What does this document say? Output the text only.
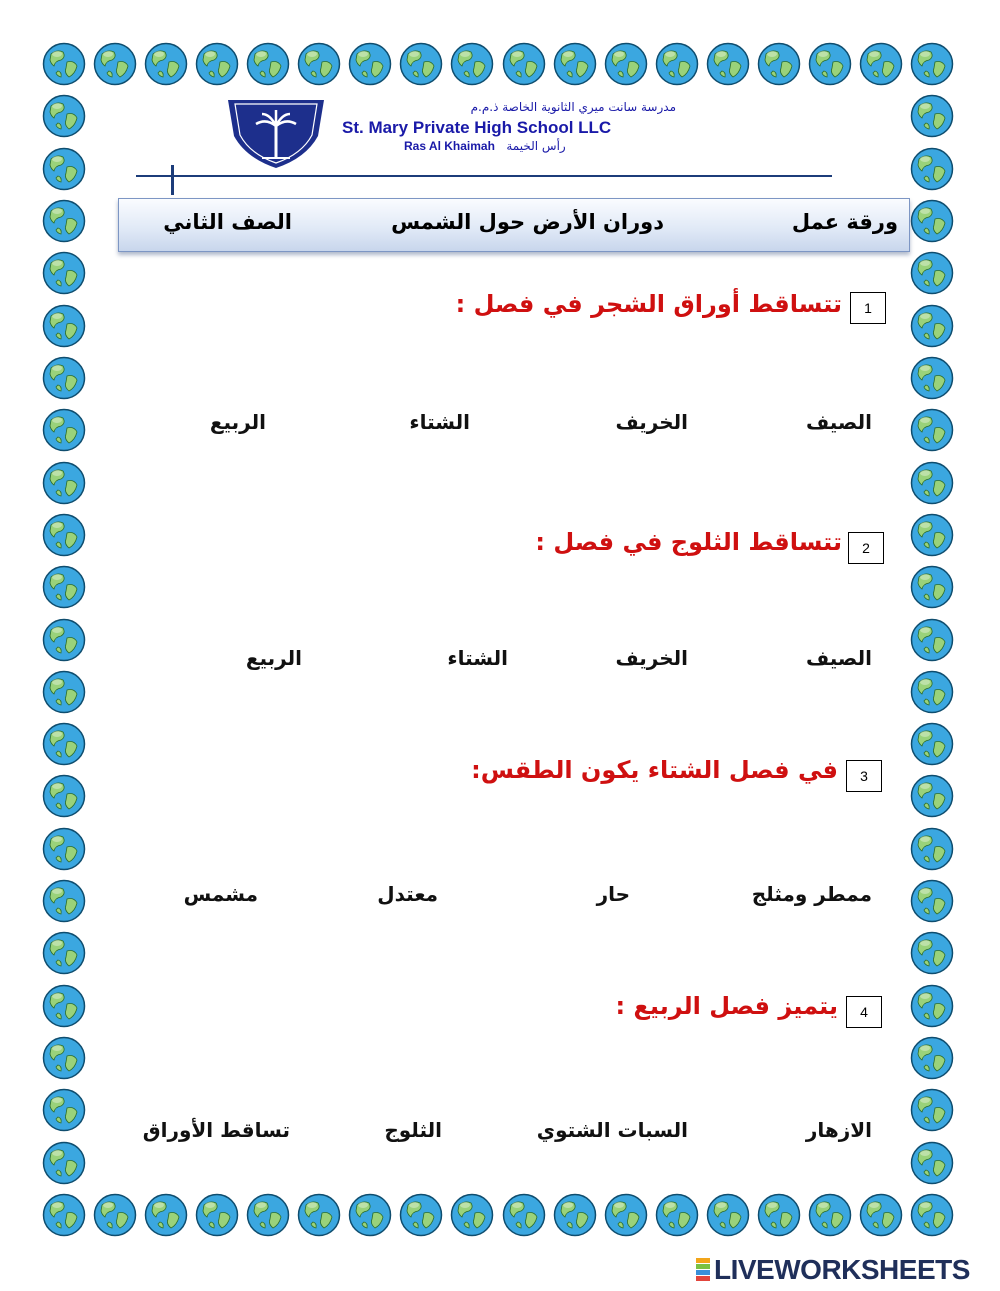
مدرسة سانت ميري الثانوية الخاصة ذ.م.م
St. Mary Private High School LLC
Ras Al Khaimah رأس الخيمة
ورقة عمل
دوران الأرض حول الشمس
الصف الثاني
1
تتساقط أوراق الشجر في فصل :
الصيف
الخريف
الشتاء
الربيع
2
تتساقط الثلوج في فصل :
الصيف
الخريف
الشتاء
الربيع
3
في فصل الشتاء يكون الطقس:
ممطر ومثلج
حار
معتدل
مشمس
4
يتميز فصل الربيع :
الازهار
السبات الشتوي
الثلوج
تساقط الأوراق
LIVEWORKSHEETS
